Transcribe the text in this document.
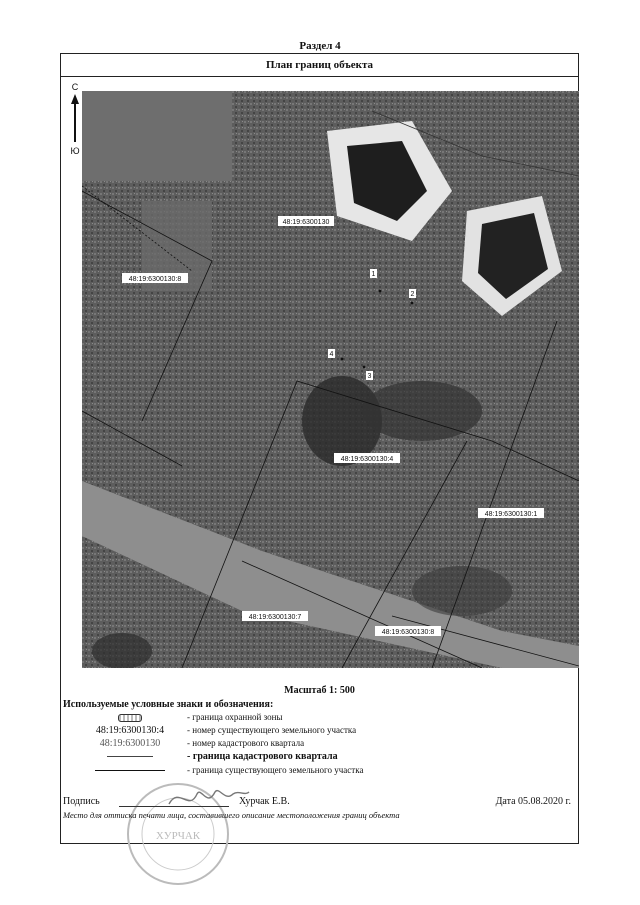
Раздел 4
План границ объекта
С
Ю
48:19:6300130
48:19:6300130:8
48:19:6300130:4
48:19:6300130:1
48:19:6300130:7
48:19:6300130:8
1
2
4
3
Масштаб 1: 500
Используемые условные знаки и обозначения:
- граница охранной зоны
48:19:6300130:4	- номер существующего земельного участка
48:19:6300130	- номер кадастрового квартала
- граница кадастрового квартала
- граница существующего земельного участка
ХУРЧАК
Подпись	Хурчак Е.В.	Дата 05.08.2020 г.
Место для оттиска печати лица, составившего описание местоположения границ объекта
